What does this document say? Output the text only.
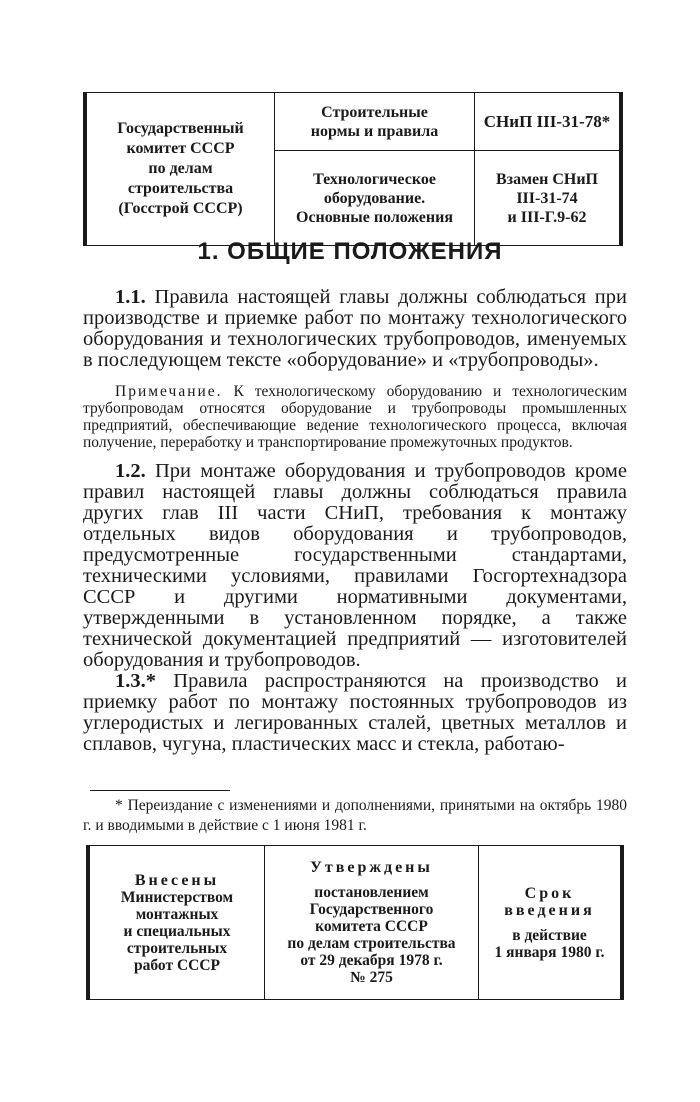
Государственный
комитет СССР
по делам
строительства
(Госстрой СССР)
Строительные
нормы и правила
Технологическое
оборудование.
Основные положения
СНиП III-31-78*
Взамен СНиП
III-31-74
и III-Г.9-62
1. ОБЩИЕ ПОЛОЖЕНИЯ

1.1. Правила настоящей главы должны соблюдаться при производстве и приемке работ по монтажу технологического оборудования и технологических трубопроводов, именуемых в последующем тексте «оборудование» и «трубопроводы».

Примечание. К технологическому оборудованию и технологическим трубопроводам относятся оборудование и трубопроводы промышленных предприятий, обеспечивающие ведение технологического процесса, включая получение, переработку и транспортирование промежуточных продуктов.

1.2. При монтаже оборудования и трубопроводов кроме правил настоящей главы должны соблюдаться правила других глав III части СНиП, требования к монтажу отдельных видов оборудования и трубопроводов, предусмотренные государственными стандартами, техническими условиями, правилами Госгортехнадзора СССР и другими нормативными документами, утвержденными в установленном порядке, а также технической документацией предприятий — изготовителей оборудования и трубопроводов.

1.3.* Правила распространяются на производство и приемку работ по монтажу постоянных трубопроводов из углеродистых и легированных сталей, цветных металлов и сплавов, чугуна, пластических масс и стекла, работаю-

* Переиздание с изменениями и дополнениями, принятыми на октябрь 1980 г. и вводимыми в действие с 1 июня 1981 г.
Внесены
Министерством
монтажных
и специальных
строительных
работ СССР
Утверждены
постановлением
Государственного
комитета СССР
по делам строительства
от 29 декабря 1978 г.
№ 275
Срок введения
в действие
1 января 1980 г.
